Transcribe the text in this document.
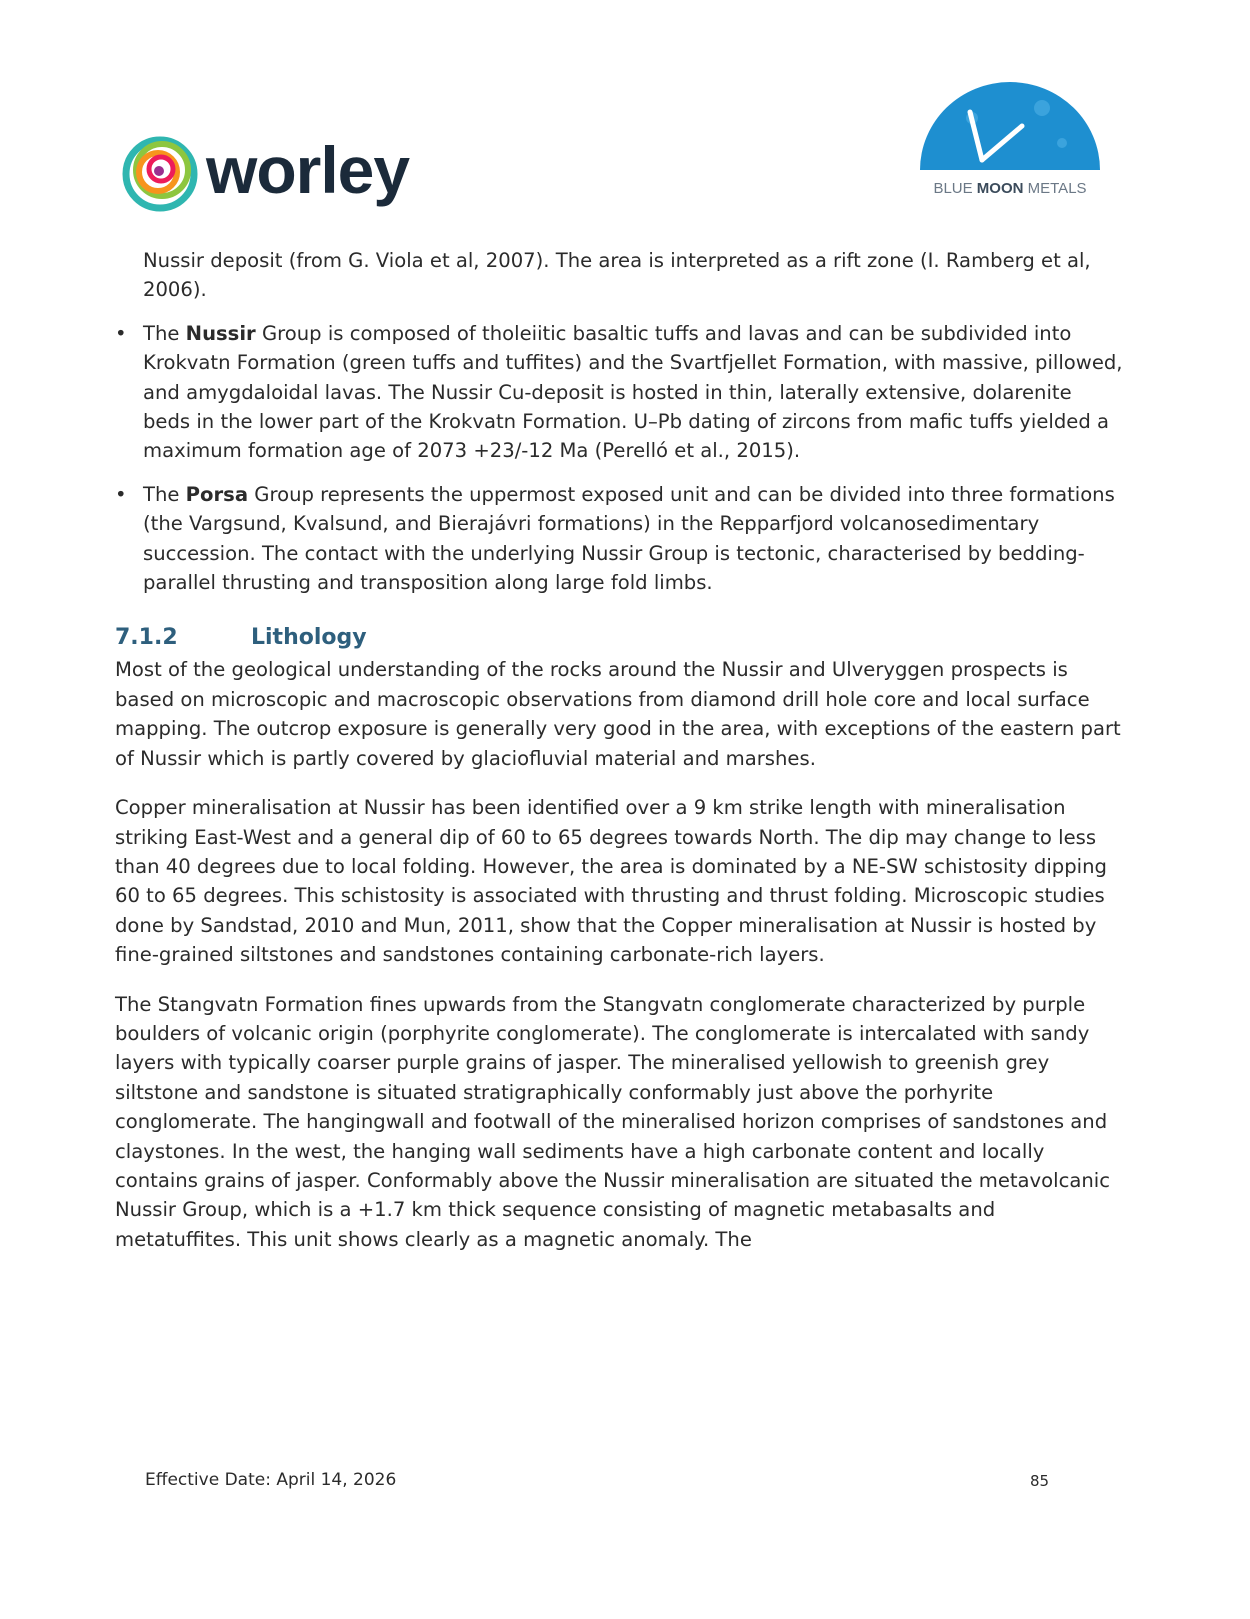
worley	BLUE MOON METALS

Nussir deposit (from G. Viola et al, 2007). The area is interpreted as a rift zone (I. Ramberg et al, 2006).

• The Nussir Group is composed of tholeiitic basaltic tuffs and lavas and can be subdivided into Krokvatn Formation (green tuffs and tuffites) and the Svartfjellet Formation, with massive, pillowed, and amygdaloidal lavas. The Nussir Cu-deposit is hosted in thin, laterally extensive, dolarenite beds in the lower part of the Krokvatn Formation. U–Pb dating of zircons from mafic tuffs yielded a maximum formation age of 2073 +23/-12 Ma (Perelló et al., 2015).

• The Porsa Group represents the uppermost exposed unit and can be divided into three formations (the Vargsund, Kvalsund, and Bierajávri formations) in the Repparfjord volcanosedimentary succession. The contact with the underlying Nussir Group is tectonic, characterised by bedding-parallel thrusting and transposition along large fold limbs.

7.1.2	Lithology

Most of the geological understanding of the rocks around the Nussir and Ulveryggen prospects is based on microscopic and macroscopic observations from diamond drill hole core and local surface mapping. The outcrop exposure is generally very good in the area, with exceptions of the eastern part of Nussir which is partly covered by glaciofluvial material and marshes.

Copper mineralisation at Nussir has been identified over a 9 km strike length with mineralisation striking East-West and a general dip of 60 to 65 degrees towards North. The dip may change to less than 40 degrees due to local folding. However, the area is dominated by a NE-SW schistosity dipping 60 to 65 degrees. This schistosity is associated with thrusting and thrust folding. Microscopic studies done by Sandstad, 2010 and Mun, 2011, show that the Copper mineralisation at Nussir is hosted by fine-grained siltstones and sandstones containing carbonate-rich layers.

The Stangvatn Formation fines upwards from the Stangvatn conglomerate characterized by purple boulders of volcanic origin (porphyrite conglomerate). The conglomerate is intercalated with sandy layers with typically coarser purple grains of jasper. The mineralised yellowish to greenish grey siltstone and sandstone is situated stratigraphically conformably just above the porhyrite conglomerate. The hangingwall and footwall of the mineralised horizon comprises of sandstones and claystones. In the west, the hanging wall sediments have a high carbonate content and locally contains grains of jasper. Conformably above the Nussir mineralisation are situated the metavolcanic Nussir Group, which is a +1.7 km thick sequence consisting of magnetic metabasalts and metatuffites. This unit shows clearly as a magnetic anomaly. The

Effective Date: April 14, 2026	85
